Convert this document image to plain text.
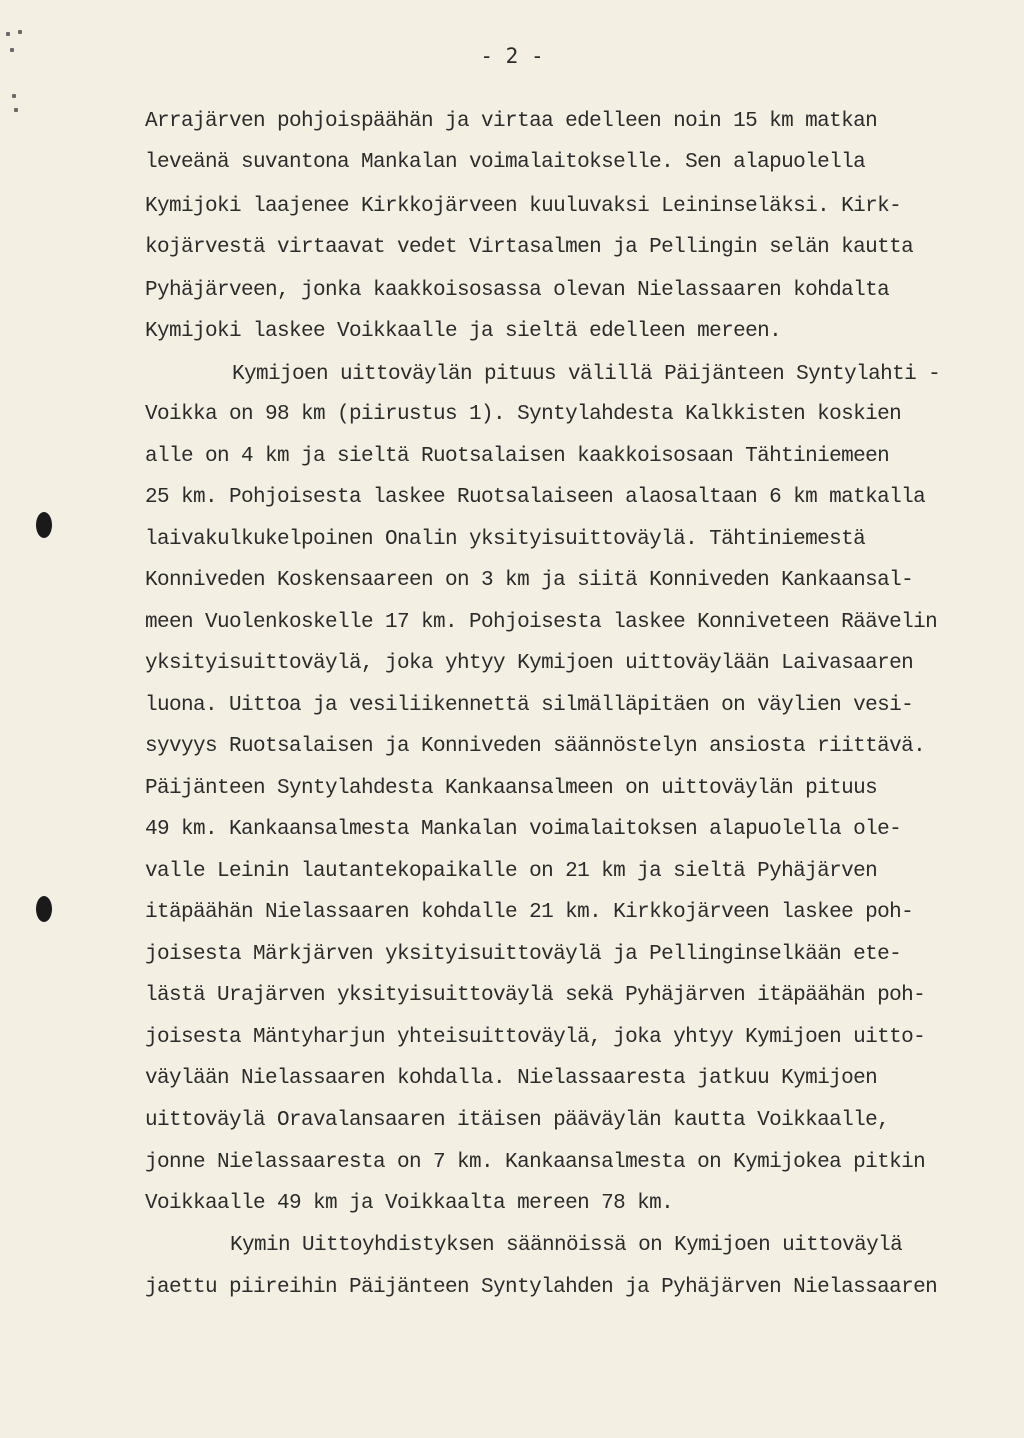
- 2 -
Arrajärven pohjoispäähän ja virtaa edelleen noin 15 km matkan
leveänä suvantona Mankalan voimalaitokselle. Sen alapuolella
Kymijoki laajenee Kirkkojärveen kuuluvaksi Leininseläksi. Kirk-
kojärvestä virtaavat vedet Virtasalmen ja Pellingin selän kautta
Pyhäjärveen, jonka kaakkoisosassa olevan Nielassaaren kohdalta
Kymijoki laskee Voikkaalle ja sieltä edelleen mereen.
Kymijoen uittoväylän pituus välillä Päijänteen Syntylahti -
Voikka on 98 km (piirustus 1). Syntylahdesta Kalkkisten koskien
alle on 4 km ja sieltä Ruotsalaisen kaakkoisosaan Tähtiniemeen
25 km. Pohjoisesta laskee Ruotsalaiseen alaosaltaan 6 km matkalla
laivakulkukelpoinen Onalin yksityisuittoväylä. Tähtiniemestä
Konniveden Koskensaareen on 3 km ja siitä Konniveden Kankaansal-
meen Vuolenkoskelle 17 km. Pohjoisesta laskee Konniveteen Räävelin
yksityisuittoväylä, joka yhtyy Kymijoen uittoväylään Laivasaaren
luona. Uittoa ja vesiliikennettä silmälläpitäen on väylien vesi-
syvyys Ruotsalaisen ja Konniveden säännöstelyn ansiosta riittävä.
Päijänteen Syntylahdesta Kankaansalmeen on uittoväylän pituus
49 km. Kankaansalmesta Mankalan voimalaitoksen alapuolella ole-
valle Leinin lautantekopaikalle on 21 km ja sieltä Pyhäjärven
itäpäähän Nielassaaren kohdalle 21 km. Kirkkojärveen laskee poh-
joisesta Märkjärven yksityisuittoväylä ja Pellinginselkään ete-
lästä Urajärven yksityisuittoväylä sekä Pyhäjärven itäpäähän poh-
joisesta Mäntyharjun yhteisuittoväylä, joka yhtyy Kymijoen uitto-
väylään Nielassaaren kohdalla. Nielassaaresta jatkuu Kymijoen
uittoväylä Oravalansaaren itäisen pääväylän kautta Voikkaalle,
jonne Nielassaaresta on 7 km. Kankaansalmesta on Kymijokea pitkin
Voikkaalle 49 km ja Voikkaalta mereen 78 km.
Kymin Uittoyhdistyksen säännöissä on Kymijoen uittoväylä
jaettu piireihin Päijänteen Syntylahden ja Pyhäjärven Nielassaaren
